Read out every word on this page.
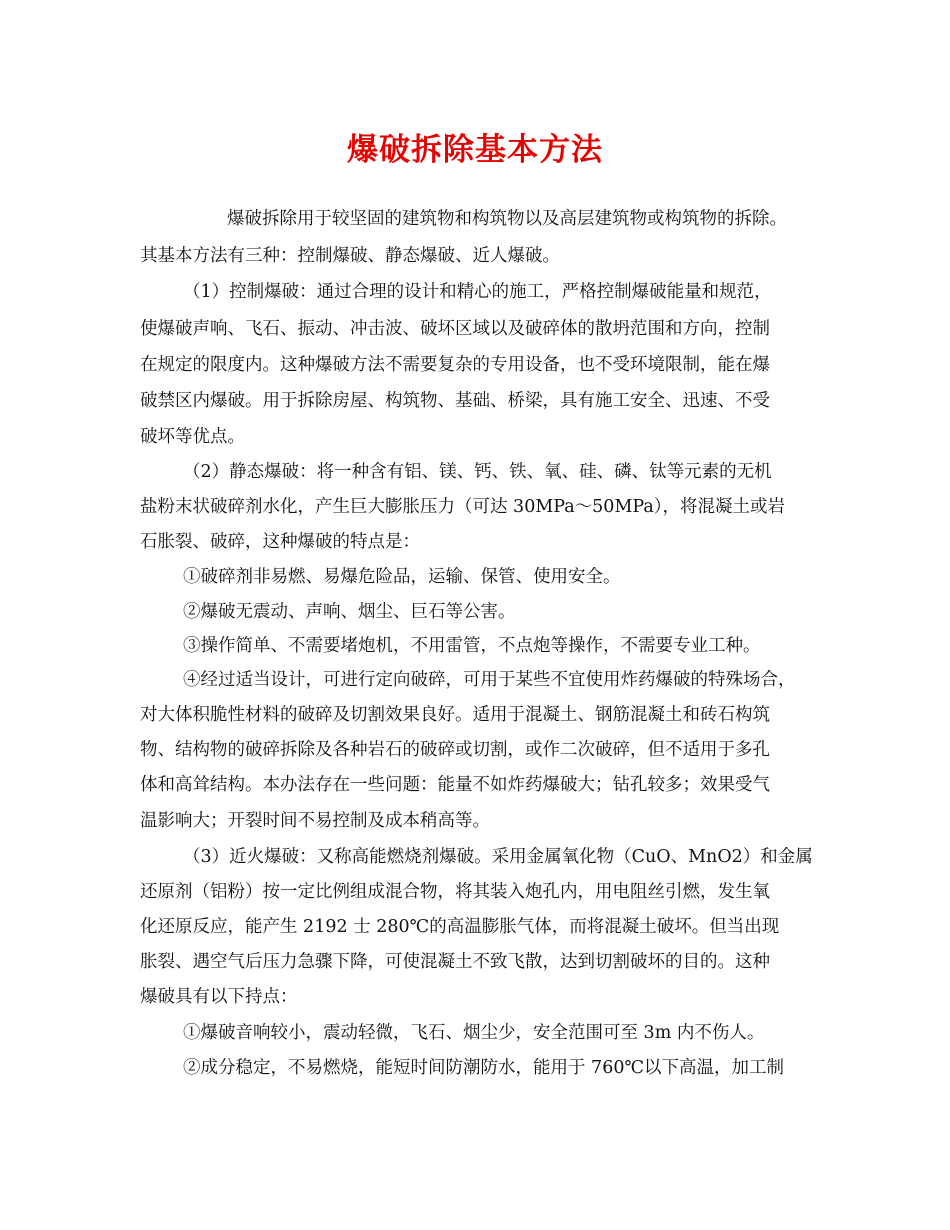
爆破拆除基本方法
爆破拆除用于较坚固的建筑物和构筑物以及高层建筑物或构筑物的拆除。
其基本方法有三种：控制爆破、静态爆破、近人爆破。
（1）控制爆破：通过合理的设计和精心的施工，严格控制爆破能量和规范，
使爆破声响、飞石、振动、冲击波、破坏区域以及破碎体的散坍范围和方向，控制
在规定的限度内。这种爆破方法不需要复杂的专用设备，也不受环境限制，能在爆
破禁区内爆破。用于拆除房屋、构筑物、基础、桥梁，具有施工安全、迅速、不受
破坏等优点。
（2）静态爆破：将一种含有铝、镁、钙、铁、氧、硅、磷、钛等元素的无机
盐粉末状破碎剂水化，产生巨大膨胀压力（可达 30MPa～50MPa），将混凝土或岩
石胀裂、破碎，这种爆破的特点是：
①破碎剂非易燃、易爆危险品，运输、保管、使用安全。
②爆破无震动、声响、烟尘、巨石等公害。
③操作简单、不需要堵炮机，不用雷管，不点炮等操作，不需要专业工种。
④经过适当设计，可进行定向破碎，可用于某些不宜使用炸药爆破的特殊场合，
对大体积脆性材料的破碎及切割效果良好。适用于混凝土、钢筋混凝土和砖石构筑
物、结构物的破碎拆除及各种岩石的破碎或切割，或作二次破碎，但不适用于多孔
体和高耸结构。本办法存在一些问题：能量不如炸药爆破大；钻孔较多；效果受气
温影响大；开裂时间不易控制及成本稍高等。
（3）近火爆破：又称高能燃烧剂爆破。采用金属氧化物（CuO、MnO2）和金属
还原剂（铝粉）按一定比例组成混合物，将其装入炮孔内，用电阻丝引燃，发生氧
化还原反应，能产生 2192 士 280℃的高温膨胀气体，而将混凝土破坏。但当出现
胀裂、遇空气后压力急骤下降，可使混凝土不致飞散，达到切割破坏的目的。这种
爆破具有以下持点：
①爆破音响较小，震动轻微，飞石、烟尘少，安全范围可至 3m 内不伤人。
②成分稳定，不易燃烧，能短时间防潮防水，能用于 760℃以下高温，加工制
